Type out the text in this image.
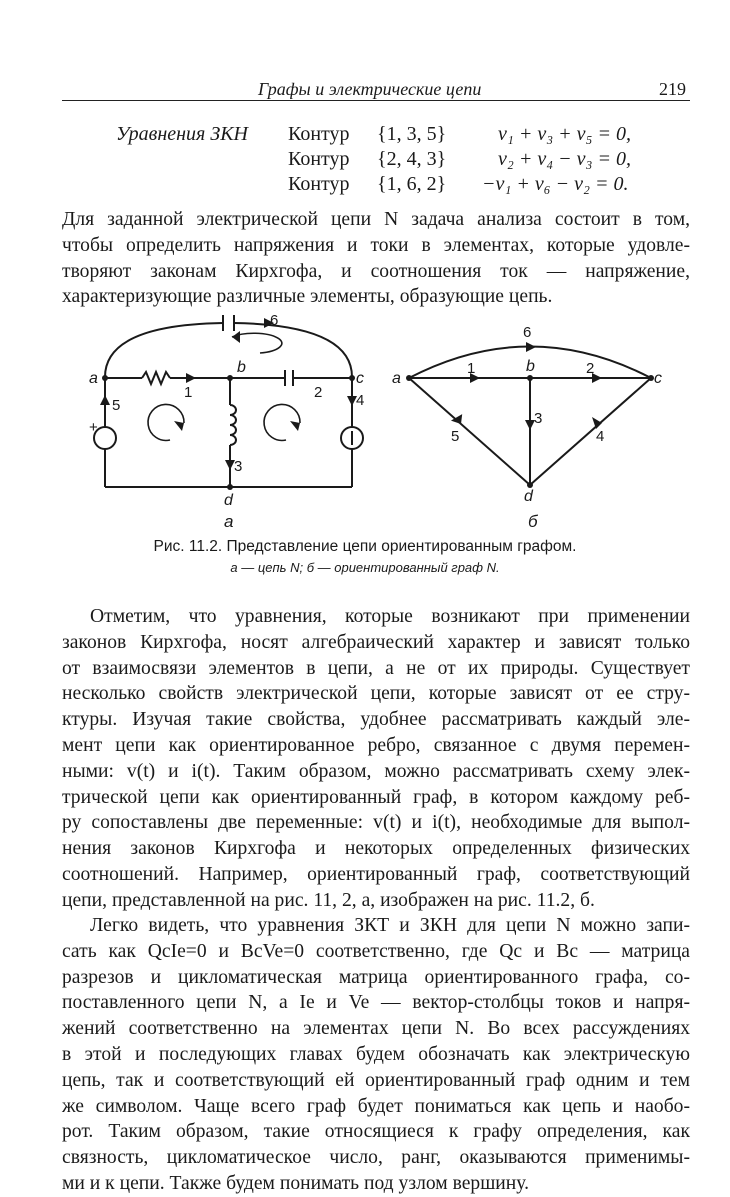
Графы и электрические цепи	219
Уравнения ЗКН Контур {1, 3, 5}	v₁ + v₃ + v₅ = 0,
Контур {2, 4, 3}	v₂ + v₄ − v₃ = 0,
Контур {1, 6, 2} −v₁ + v₆ − v₂ = 0.
Для заданной электрической цепи N задача анализа состоит в том,
чтобы определить напряжения и токи в элементах, которые удовле-
творяют законам Кирхгофа, и соотношения ток — напряжение,
характеризующие различные элементы, образующие цепь.
a
b
c
d
1	2
3
4
5
6
+
а
a
b
c
d
1	2
3
4
5
6
б
Рис. 11.2. Представление цепи ориентированным графом.
а — цепь N; б — ориентированный граф N.
Отметим, что уравнения, которые возникают при применении
законов Кирхгофа, носят алгебраический характер и зависят только
от взаимосвязи элементов в цепи, а не от их природы. Существует
несколько свойств электрической цепи, которые зависят от ее стру-
ктуры. Изучая такие свойства, удобнее рассматривать каждый эле-
мент цепи как ориентированное ребро, связанное с двумя перемен-
ными: v(t) и i(t). Таким образом, можно рассматривать схему элек-
трической цепи как ориентированный граф, в котором каждому реб-
ру сопоставлены две переменные: v(t) и i(t), необходимые для выпол-
нения законов Кирхгофа и некоторых определенных физических
соотношений. Например, ориентированный граф, соответствующий
цепи, представленной на рис. 11, 2, а, изображен на рис. 11.2, б.
Легко видеть, что уравнения ЗКТ и ЗКН для цепи N можно запи-
сать как QcIe=0 и BcVe=0 соответственно, где Qc и Bc — матрица
разрезов и цикломатическая матрица ориентированного графа, со-
поставленного цепи N, а Ie и Ve — вектор-столбцы токов и напря-
жений соответственно на элементах цепи N. Во всех рассуждениях
в этой и последующих главах будем обозначать как электрическую
цепь, так и соответствующий ей ориентированный граф одним и тем
же символом. Чаще всего граф будет пониматься как цепь и наобо-
рот. Таким образом, такие относящиеся к графу определения, как
связность, цикломатическое число, ранг, оказываются применимы-
ми и к цепи. Также будем понимать под узлом вершину.
